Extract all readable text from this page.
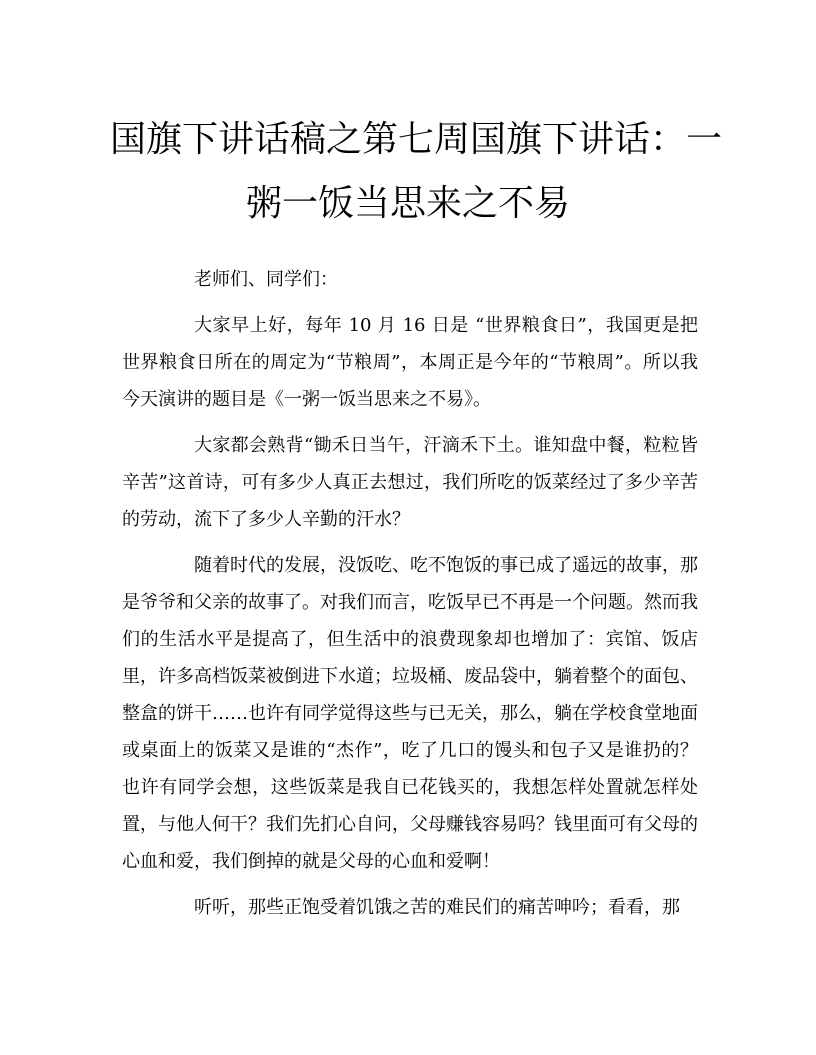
国旗下讲话稿之第七周国旗下讲话：一
粥一饭当思来之不易

老师们、同学们：

大家早上好，每年 10 月 16 日是 “世界粮食日”，我国更是把世界粮食日所在的周定为“节粮周”，本周正是今年的“节粮周”。所以我今天演讲的题目是《一粥一饭当思来之不易》。

大家都会熟背“锄禾日当午，汗滴禾下土。谁知盘中餐，粒粒皆辛苦”这首诗，可有多少人真正去想过，我们所吃的饭菜经过了多少辛苦的劳动，流下了多少人辛勤的汗水？

随着时代的发展，没饭吃、吃不饱饭的事已成了遥远的故事，那是爷爷和父亲的故事了。对我们而言，吃饭早已不再是一个问题。然而我们的生活水平是提高了，但生活中的浪费现象却也增加了：宾馆、饭店里，许多高档饭菜被倒进下水道；垃圾桶、废品袋中，躺着整个的面包、整盒的饼干……也许有同学觉得这些与已无关，那么，躺在学校食堂地面或桌面上的饭菜又是谁的“杰作”，吃了几口的馒头和包子又是谁扔的？也许有同学会想，这些饭菜是我自已花钱买的，我想怎样处置就怎样处置，与他人何干？我们先扪心自问，父母赚钱容易吗？钱里面可有父母的心血和爱，我们倒掉的就是父母的心血和爱啊！

听听，那些正饱受着饥饿之苦的难民们的痛苦呻吟；看看，那
